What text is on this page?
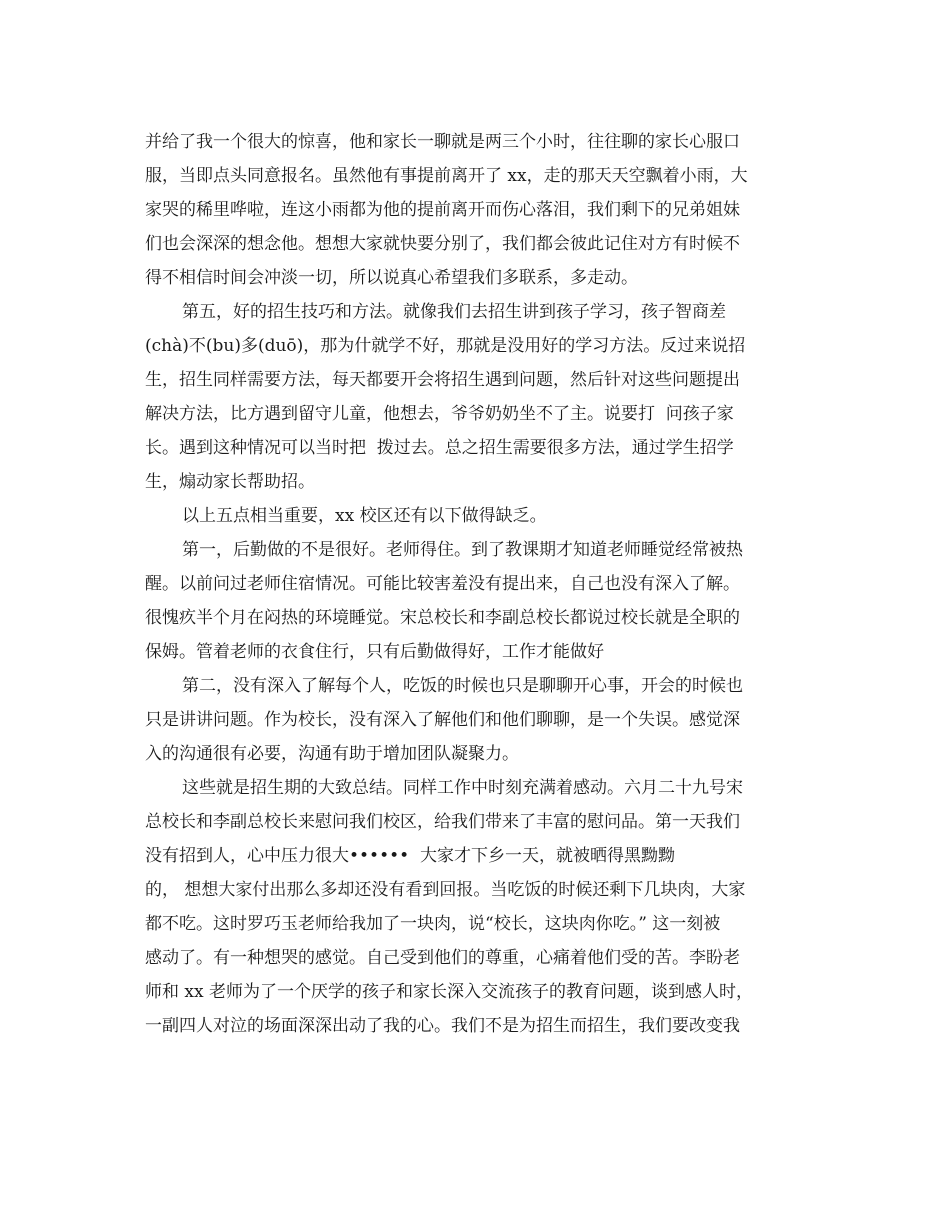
并给了我一个很大的惊喜，他和家长一聊就是两三个小时，往往聊的家长心服口
服，当即点头同意报名。虽然他有事提前离开了 xx，走的那天天空飘着小雨，大
家哭的稀里哗啦，连这小雨都为他的提前离开而伤心落泪，我们剩下的兄弟姐妹
们也会深深的想念他。想想大家就快要分别了，我们都会彼此记住对方有时候不
得不相信时间会冲淡一切，所以说真心希望我们多联系，多走动。
第五，好的招生技巧和方法。就像我们去招生讲到孩子学习，孩子智商差
(chà)不(bu)多(duō)，那为什就学不好，那就是没用好的学习方法。反过来说招
生，招生同样需要方法，每天都要开会将招生遇到问题，然后针对这些问题提出
解决方法，比方遇到留守儿童，他想去，爷爷奶奶坐不了主。说要打  问孩子家
长。遇到这种情况可以当时把  拨过去。总之招生需要很多方法，通过学生招学
生，煽动家长帮助招。
以上五点相当重要，xx 校区还有以下做得缺乏。
第一，后勤做的不是很好。老师得住。到了教课期才知道老师睡觉经常被热
醒。以前问过老师住宿情况。可能比较害羞没有提出来，自己也没有深入了解。
很愧疚半个月在闷热的环境睡觉。宋总校长和李副总校长都说过校长就是全职的
保姆。管着老师的衣食住行，只有后勤做得好，工作才能做好
第二，没有深入了解每个人，吃饭的时候也只是聊聊开心事，开会的时候也
只是讲讲问题。作为校长，没有深入了解他们和他们聊聊，是一个失误。感觉深
入的沟通很有必要，沟通有助于增加团队凝聚力。
这些就是招生期的大致总结。同样工作中时刻充满着感动。六月二十九号宋
总校长和李副总校长来慰问我们校区，给我们带来了丰富的慰问品。第一天我们
没有招到人，心中压力很大••••••  大家才下乡一天，就被晒得黑黝黝
的， 想想大家付出那么多却还没有看到回报。当吃饭的时候还剩下几块肉，大家
都不吃。这时罗巧玉老师给我加了一块肉，说“校长，这块肉你吃。” 这一刻被
感动了。有一种想哭的感觉。自己受到他们的尊重，心痛着他们受的苦。李盼老
师和 xx 老师为了一个厌学的孩子和家长深入交流孩子的教育问题，谈到感人时，
一副四人对泣的场面深深出动了我的心。我们不是为招生而招生，我们要改变我
